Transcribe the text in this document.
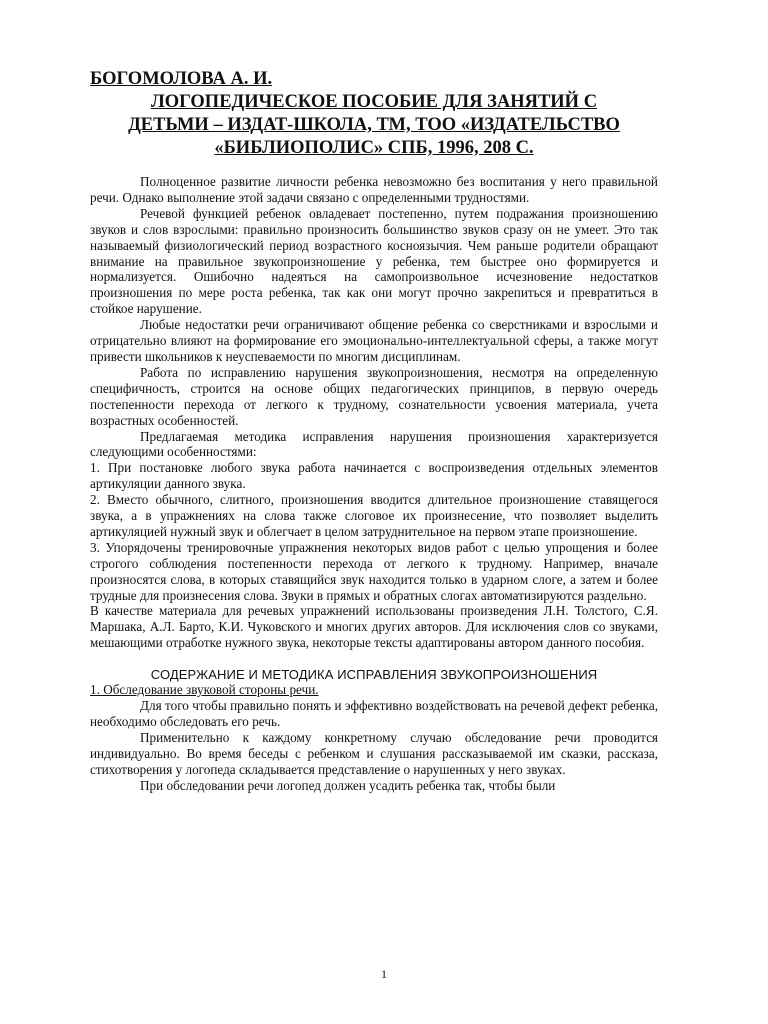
БОГОМОЛОВА А. И.
ЛОГОПЕДИЧЕСКОЕ ПОСОБИЕ ДЛЯ ЗАНЯТИЙ С
ДЕТЬМИ – ИЗДАТ-ШКОЛА, ТМ, ТОО «ИЗДАТЕЛЬСТВО
«БИБЛИОПОЛИС» СПБ, 1996, 208 С.

Полноценное развитие личности ребенка невозможно без воспитания у него правильной речи. Однако выполнение этой задачи связано с определенными трудностями.

Речевой функцией ребенок овладевает постепенно, путем подражания произношению звуков и слов взрослыми: правильно произносить большинство звуков сразу он не умеет. Это так называемый физиологический период возрастного косноязычия. Чем раньше родители обращают внимание на правильное звукопроизношение у ребенка, тем быстрее оно формируется и нормализуется. Ошибочно надеяться на самопроизвольное исчезновение недостатков произношения по мере роста ребенка, так как они могут прочно закрепиться и превратиться в стойкое нарушение.

Любые недостатки речи ограничивают общение ребенка со сверстниками и взрослыми и отрицательно влияют на формирование его эмоционально-интеллектуальной сферы, а также могут привести школьников к неуспеваемости по многим дисциплинам.

Работа по исправлению нарушения звукопроизношения, несмотря на определенную специфичность, строится на основе общих педагогических принципов, в первую очередь постепенности перехода от легкого к трудному, сознательности усвоения материала, учета возрастных особенностей.

Предлагаемая методика исправления нарушения произношения характеризуется следующими особенностями:

1. При постановке любого звука работа начинается с воспроизведения отдельных элементов артикуляции данного звука.

2. Вместо обычного, слитного, произношения вводится длительное произношение ставящегося звука, а в упражнениях на слова также слоговое их произнесение, что позволяет выделить артикуляцией нужный звук и облегчает в целом затруднительное на первом этапе произношение.

3. Упорядочены тренировочные упражнения некоторых видов работ с целью упрощения и более строгого соблюдения постепенности перехода от легкого к трудному. Например, вначале произносятся слова, в которых ставящийся звук находится только в ударном слоге, а затем и более трудные для произнесения слова. Звуки в прямых и обратных слогах автоматизируются раздельно.

В качестве материала для речевых упражнений использованы произведения Л.Н. Толстого, С.Я. Маршака, А.Л. Барто, К.И. Чуковского и многих других авторов. Для исключения слов со звуками, мешающими отработке нужного звука, некоторые тексты адаптированы автором данного пособия.

СОДЕРЖАНИЕ И МЕТОДИКА ИСПРАВЛЕНИЯ ЗВУКОПРОИЗНОШЕНИЯ
1. Обследование звуковой стороны речи.

Для того чтобы правильно понять и эффективно воздействовать на речевой дефект ребенка, необходимо обследовать его речь.

Применительно к каждому конкретному случаю обследование речи проводится индивидуально. Во время беседы с ребенком и слушания рассказываемой им сказки, рассказа, стихотворения у логопеда складывается представление о нарушенных у него звуках.

При обследовании речи логопед должен усадить ребенка так, чтобы были

1
